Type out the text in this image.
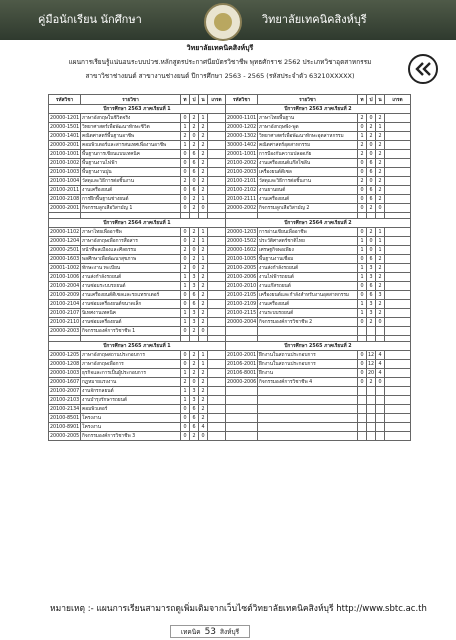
คู่มือนักเรียน นักศึกษา	วิทยาลัยเทคนิคสิงห์บุรี
วิทยาลัยเทคนิคสิงห์บุรี
แผนการเรียนรู้แน่นอนระบบปวช.หลักสูตรประกาศนียบัตรวิชาชีพ พุทธศักราช 2562 ประเภทวิชาอุตสาหกรรม
สาขาวิชาช่างยนต์ สาขางานช่างยนต์ ปีการศึกษา 2563 - 2565 (รหัสประจำตัว 63210XXXXX)
รหัสวิชา	รายวิชา	ท	ป	น	เกรด	รหัสวิชา	รายวิชา	ท	ป	น	เกรด
ปีการศึกษา 2563 ภาคเรียนที่ 1						ปีการศึกษา 2563 ภาคเรียนที่ 2					
20000-1201	ภาษาอังกฤษในชีวิตจริง	0	2	1		20000-1101	ภาษาไทยพื้นฐาน	2	0	2	
20000-1501	วิทยาศาสตร์เพื่อพัฒนาทักษะชีวิต	1	2	2		20000-1202	ภาษาอังกฤษฟัง-พูด	0	2	1	
20000-1401	คณิตศาสตร์พื้นฐานอาชีพ	2	0	2		20000-1302	วิทยาศาสตร์เพื่อพัฒนาทักษะอุตสาหกรรม	1	2	2	
20000-2001	คอมพิวเตอร์และสารสนเทศเพื่องานอาชีพ	1	2	2		30000-1402	คณิตศาสตร์อุตสาหกรรม	2	0	2	
20100-1001	พื้นฐานการเขียนแบบเทคนิค	0	6	2		20001-1001	การป้องกันความปลอดภัย	2	0	2	
20100-1002	พื้นฐานงานไฟฟ้า	0	6	2		20100-2002	งานเครื่องยนต์แก๊สโซลีน	0	6	2	
20100-1003	พื้นฐานงานปูน	0	6	2		20100-2003	เครื่องยนต์ดีเซล	0	6	2	
20100-1004	วัสดุและวิธีการต่อชิ้นงาน	2	0	2		20100-2101	วัสดุและวิธีการต่อชิ้นงาน	2	0	2	
20100-2011	งานเครื่องยนต์	0	6	2		20100-2102	งานยานยนต์	0	6	2	
20100-2108	การฝึกพื้นฐานช่างยนต์	0	2	1		20100-2111	งานเครื่องยนต์	0	6	2	
20000-2001	กิจกรรมลูกเสือวิสามัญ 1	0	2	0		20000-2002	กิจกรรมลูกเสือวิสามัญ 2	0	2	0	

ปีการศึกษา 2564 ภาคเรียนที่ 1						ปีการศึกษา 2564 ภาคเรียนที่ 2					
20000-1102	ภาษาไทยเพื่ออาชีพ	0	2	1		20000-1203	การอ่านเขียนเพื่ออาชีพ	0	2	1	
20000-1204	ภาษาอังกฤษเพื่อการสื่อสาร	0	2	1		20000-1502	ประวัติศาสตร์ชาติไทย	1	0	1	
20000-2501	หน้าที่พลเมืองและศีลธรรม	2	0	2		20000-1602	เศรษฐกิจพอเพียง	1	0	1	
20000-1603	พลศึกษาเพื่อพัฒนาสุขภาพ	0	2	1		20100-1005	พื้นฐานงานเชื่อม	0	6	2	
20001-1002	ทักษะงาน ทะเบียน	2	0	2		20100-2005	งานส่งกำลังรถยนต์	1	3	2	
20100-1006	งานส่งกำลังรถยนต์	1	3	2		20100-2006	งานไฟฟ้ารถยนต์	1	3	2	
20100-2004	งานซ่อมระบบรถยนต์	1	3	2		20100-2010	งานแก๊สรถยนต์	0	6	2	
20100-2009	งานเครื่องยนต์ดีเซลและรถแทรกเตอร์	0	6	2		20100-2105	เครื่องยนต์และกำลังสำหรับงานอุตสาหกรรม	0	6	3	
20100-2104	งานซ่อมเครื่องยนต์ขนาดเล็ก	0	6	2		20100-2109	งานเครื่องยนต์	1	3	2	
20100-2107	นิเทศงานเทคนิค	1	3	2		20100-2115	งานระบบรถยนต์	1	3	2	
20100-2110	งานซ่อมเครื่องยนต์	1	3	2		20000-2004	กิจกรรมองค์การวิชาชีพ 2	0	2	0	
20000-2003	กิจกรรมองค์การวิชาชีพ 1	0	2	0							

ปีการศึกษา 2565 ภาคเรียนที่ 1						ปีการศึกษา 2565 ภาคเรียนที่ 2					
20000-1205	ภาษาอังกฤษสถานประกอบการ	0	2	1		20100-2001	ฝึกงานในสถานประกอบการ	0	12	4	
20000-1208	ภาษาอังกฤษเพื่อการ	0	2	1		20106-2001	ฝึกงานในสถานประกอบการ	0	12	4	
20000-1003	ธุรกิจและการเป็นผู้ประกอบการ	1	2	2		20106-8001	ฝึกงาน	0	20	4	
20000-1607	กฎหมายแรงงาน	2	0	2		20000-2006	กิจกรรมองค์การวิชาชีพ 4	0	2	0	
20100-2007	งานจักรกลยนต์	1	3	2							
20100-2103	งานบำรุงรักษารถยนต์	1	3	2							
20100-2134	คอมพิวเตอร์	0	6	2							
20100-8501	โครงงาน	0	6	2							
20100-8901	โครงงาน	0	6	4							
20000-2005	กิจกรรมองค์การวิชาชีพ 3	0	2	0							
หมายเหตุ :- แผนการเรียนสามารถดูเพิ่มเติมจากเว็บไซต์วิทยาลัยเทคนิคสิงห์บุรี http://www.sbtc.ac.th
เทคนิค 53 สิงห์บุรี
